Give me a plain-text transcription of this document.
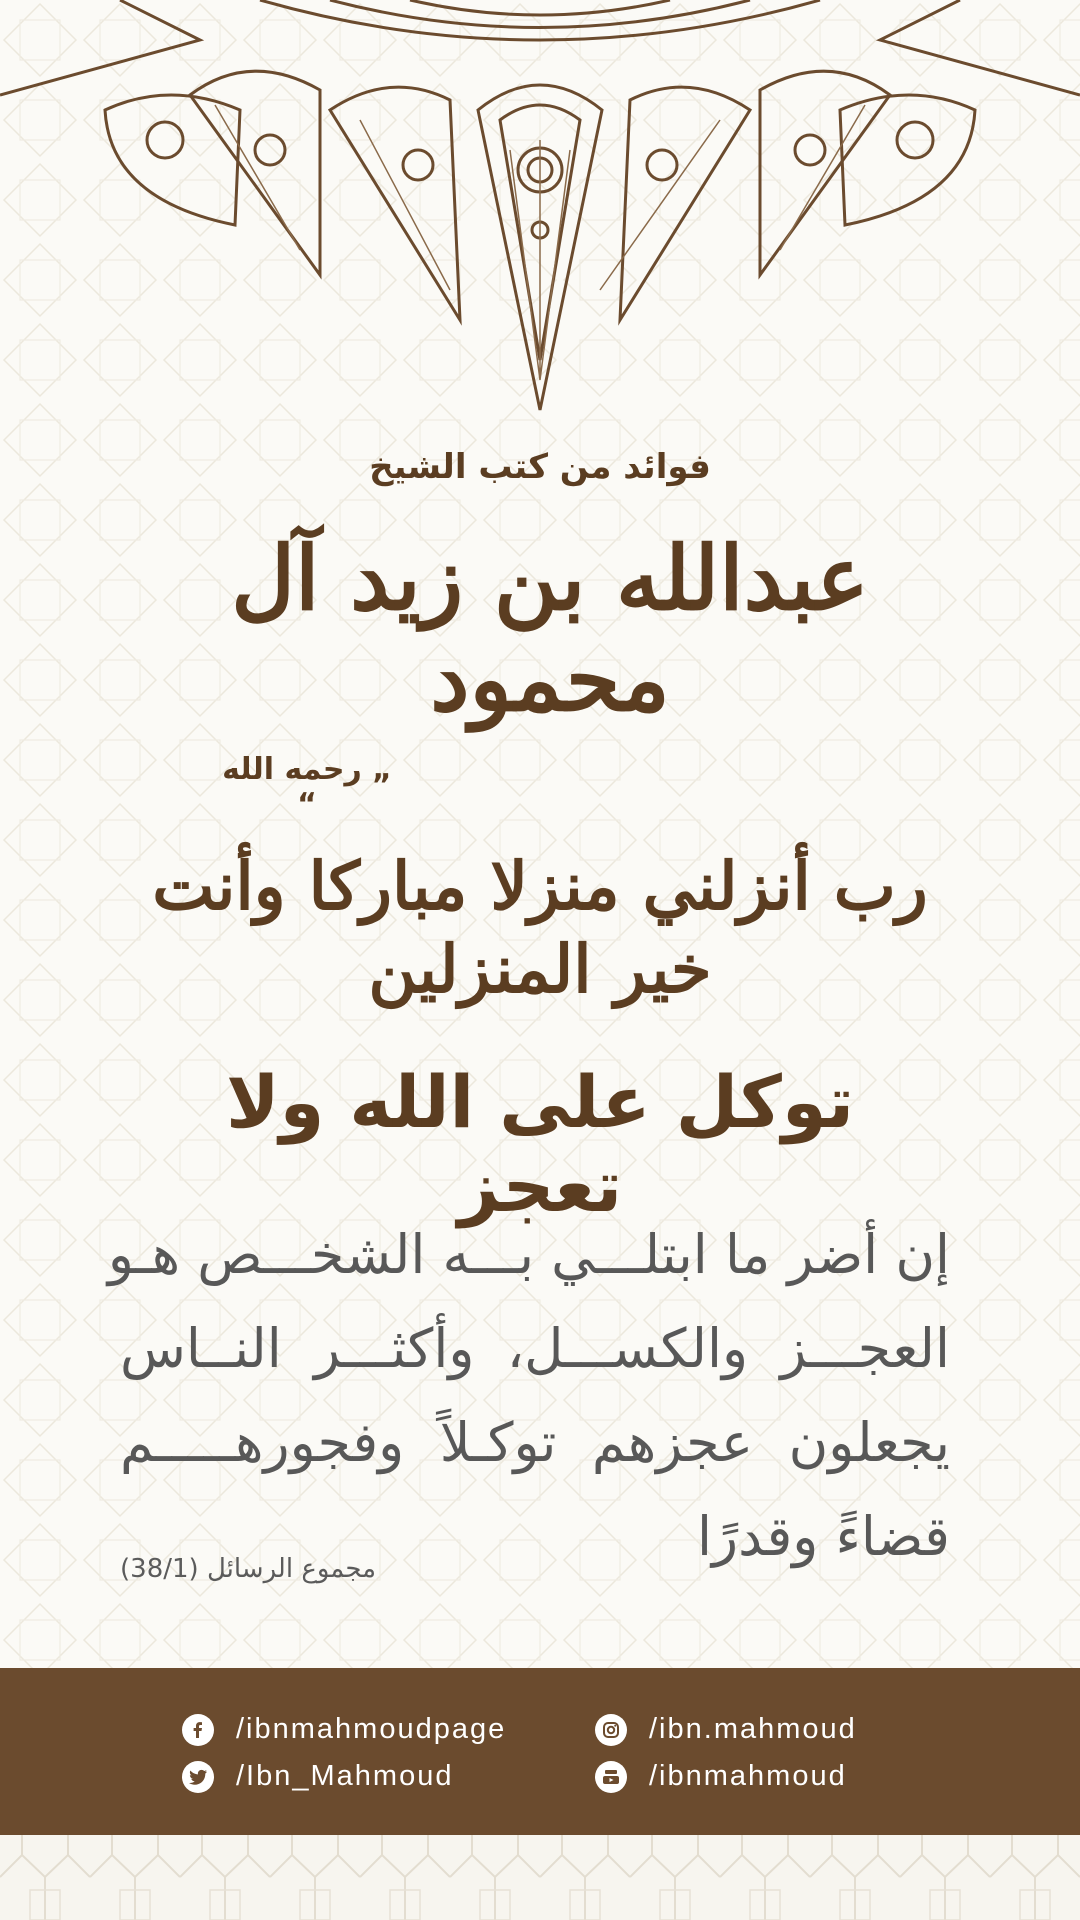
فوائد من كتب الشيخ
عبدالله بن زيد آل محمود
„ رحمه الله “
رب أنزلني منزلا مباركا وأنت خير المنزلين
توكل على الله ولا تعجز
إن أضر ما ابتلـــي بـــه الشخـــص هـو
العجـــز والكســـل، وأكثـــر النــاس
يجعلون عجزهم توكـلاً وفجورهـــــم
قضاءً وقدرًا
مجموع الرسائل (38/1)
/ibnmahmoudpage
/Ibn_Mahmoud
/ibn.mahmoud
/ibnmahmoud
